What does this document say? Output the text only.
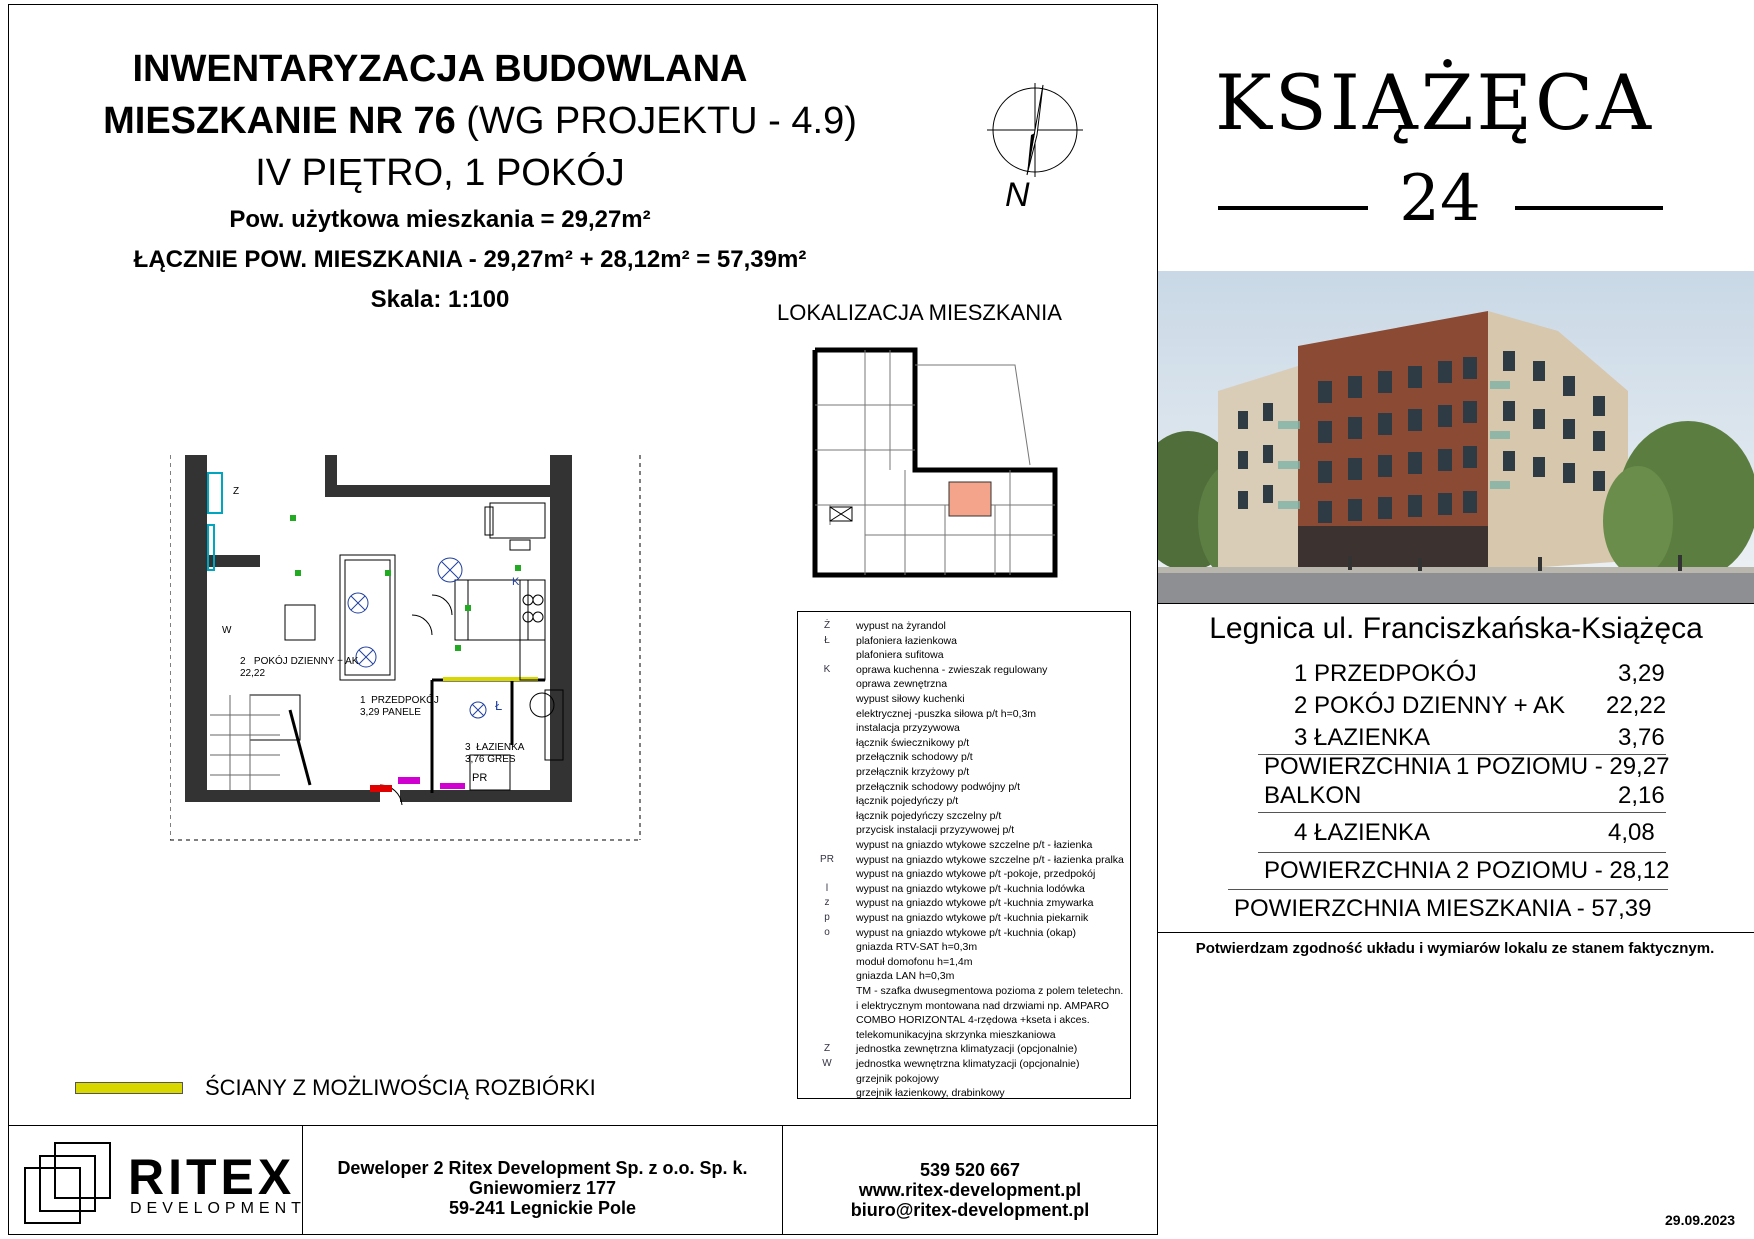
INWENTARYZACJA BUDOWLANA
MIESZKANIE NR 76 (WG PROJEKTU - 4.9)
IV PIĘTRO, 1 POKÓJ
Pow. użytkowa mieszkania = 29,27m²
ŁĄCZNIE POW. MIESZKANIA - 29,27m² + 28,12m² = 57,39m²
Skala: 1:100
N
LOKALIZACJA MIESZKANIA
Z
W
K
Ł
PR
2 POKÓJ DZIENNY + AK
22,22
1 PRZEDPOKÓJ
3,29 PANELE
3 ŁAZIENKA
3,76 GRES
Ż	wypust na żyrandol
Ł	plafoniera łazienkowa
plafoniera sufitowa
K	oprawa kuchenna - zwieszak regulowany
oprawa zewnętrzna
wypust siłowy kuchenki
elektrycznej -puszka siłowa p/t h=0,3m
instalacja przyzywowa
łącznik świecznikowy p/t
przełącznik schodowy p/t
przełącznik krzyżowy p/t
przełącznik schodowy podwójny p/t
łącznik pojedyńczy p/t
łącznik pojedyńczy szczelny p/t
przycisk instalacji przyzywowej p/t
wypust na gniazdo wtykowe szczelne p/t - łazienka
PR	wypust na gniazdo wtykowe szczelne p/t - łazienka pralka
wypust na gniazdo wtykowe p/t -pokoje, przedpokój
l	wypust na gniazdo wtykowe p/t -kuchnia lodówka
z	wypust na gniazdo wtykowe p/t -kuchnia zmywarka
p	wypust na gniazdo wtykowe p/t -kuchnia piekarnik
o	wypust na gniazdo wtykowe p/t -kuchnia (okap)
gniazda RTV-SAT h=0,3m
moduł domofonu h=1,4m
gniazda LAN h=0,3m
TM - szafka dwusegmentowa pozioma z polem teletechn.
i elektrycznym montowana nad drzwiami np. AMPARO
COMBO HORIZONTAL 4-rzędowa +kseta i akces.
telekomunikacyjna skrzynka mieszkaniowa
Z	jednostka zewnętrzna klimatyzacji (opcjonalnie)
W	jednostka wewnętrzna klimatyzacji (opcjonalnie)
grzejnik pokojowy
grzejnik łazienkowy, drabinkowy
ŚCIANY Z MOŻLIWOŚCIĄ ROZBIÓRKI
KSIĄŻĘCA
24
Legnica ul. Franciszkańska-Książęca
1 PRZEDPOKÓJ	3,29
2 POKÓJ DZIENNY + AK 22,22
3 ŁAZIENKA	3,76
POWIERZCHNIA 1 POZIOMU - 29,27
BALKON	2,16
4 ŁAZIENKA	4,08
POWIERZCHNIA 2 POZIOMU - 28,12
POWIERZCHNIA MIESZKANIA - 57,39
Potwierdzam zgodność układu i wymiarów lokalu ze stanem faktycznym.
RITEX
DEVELOPMENT
Deweloper 2 Ritex Development Sp. z o.o. Sp. k.
Gniewomierz 177
59-241 Legnickie Pole
539 520 667
www.ritex-development.pl
biuro@ritex-development.pl	29.09.2023
